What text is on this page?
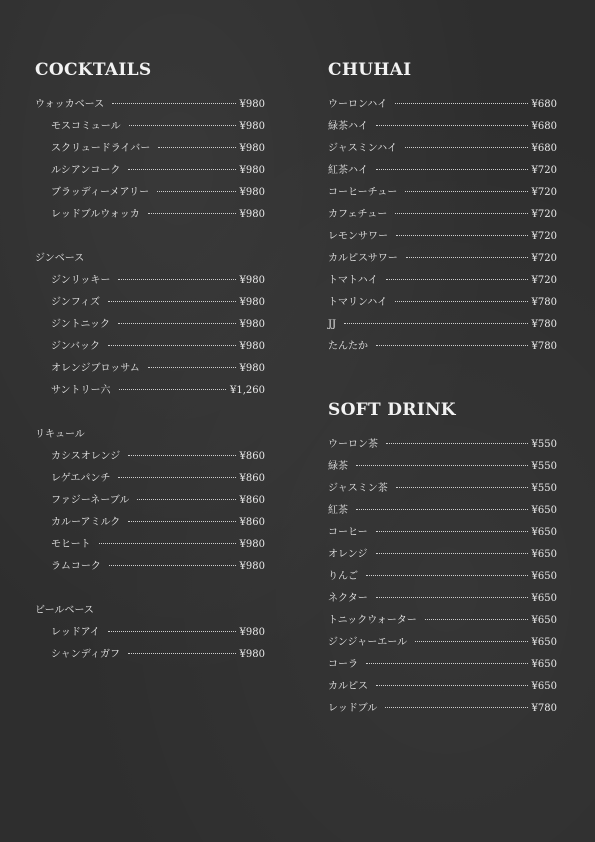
COCKTAILS
ウォッカベース	¥980
モスコミュール	¥980
スクリュードライバー	¥980
ルシアンコーク	¥980
ブラッディーメアリー	¥980
レッドブルウォッカ	¥980
ジンベース
ジンリッキー	¥980
ジンフィズ	¥980
ジントニック	¥980
ジンバック	¥980
オレンジブロッサム	¥980
サントリー六	¥1,260
リキュール
カシスオレンジ	¥860
レゲエパンチ	¥860
ファジーネーブル	¥860
カルーアミルク	¥860
モヒート	¥980
ラムコーク	¥980
ビールベース
レッドアイ	¥980
シャンディガフ	¥980
CHUHAI
ウーロンハイ	¥680
緑茶ハイ	¥680
ジャスミンハイ	¥680
紅茶ハイ	¥720
コーヒーチュー	¥720
カフェチュー	¥720
レモンサワー	¥720
カルピスサワー	¥720
トマトハイ	¥720
トマリンハイ	¥780
JJ	¥780
たんたか	¥780
SOFT DRINK
ウーロン茶	¥550
緑茶	¥550
ジャスミン茶	¥550
紅茶	¥650
コーヒー	¥650
オレンジ	¥650
りんご	¥650
ネクター	¥650
トニックウォーター	¥650
ジンジャーエール	¥650
コーラ	¥650
カルピス	¥650
レッドブル	¥780
